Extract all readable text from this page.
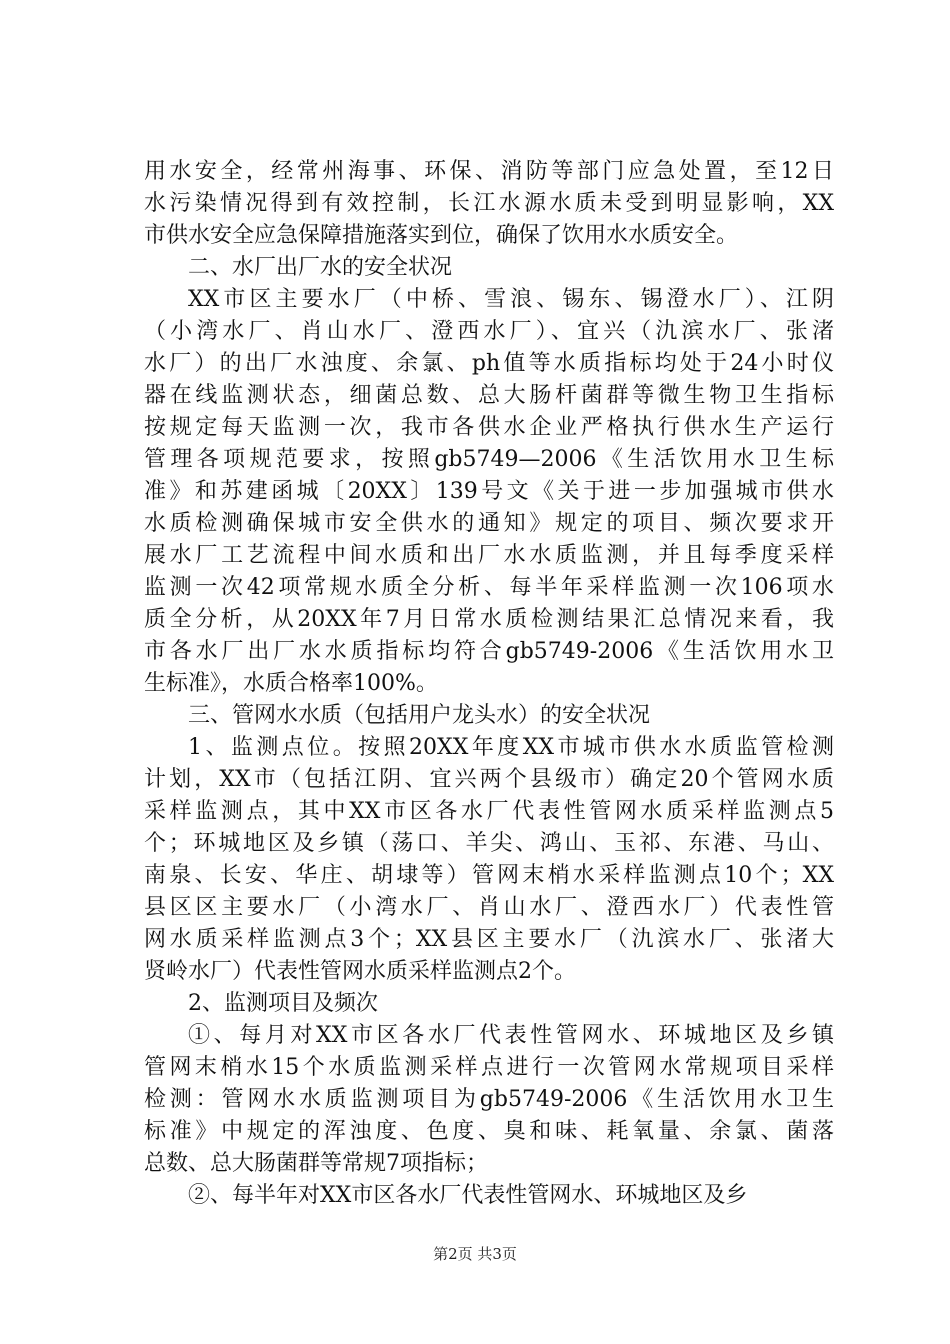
用水安全，经常州海事、环保、消防等部门应急处置，至12日
水污染情况得到有效控制，长江水源水质未受到明显影响，XX
市供水安全应急保障措施落实到位，确保了饮用水水质安全。
二、水厂出厂水的安全状况
XX市区主要水厂（中桥、雪浪、锡东、锡澄水厂）、江阴
（小湾水厂、肖山水厂、澄西水厂）、宜兴（氿滨水厂、张渚
水厂）的出厂水浊度、余氯、ph值等水质指标均处于24小时仪
器在线监测状态，细菌总数、总大肠杆菌群等微生物卫生指标
按规定每天监测一次，我市各供水企业严格执行供水生产运行
管理各项规范要求，按照gb5749—2006《生活饮用水卫生标
准》和苏建函城〔20XX〕139号文《关于进一步加强城市供水
水质检测确保城市安全供水的通知》规定的项目、频次要求开
展水厂工艺流程中间水质和出厂水水质监测，并且每季度采样
监测一次42项常规水质全分析、每半年采样监测一次106项水
质全分析，从20XX年7月日常水质检测结果汇总情况来看，我
市各水厂出厂水水质指标均符合gb5749-2006《生活饮用水卫
生标准》，水质合格率100%。
三、管网水水质（包括用户龙头水）的安全状况
1、监测点位。按照20XX年度XX市城市供水水质监管检测
计划，XX市（包括江阴、宜兴两个县级市）确定20个管网水质
采样监测点，其中XX市区各水厂代表性管网水质采样监测点5
个；环城地区及乡镇（荡口、羊尖、鸿山、玉祁、东港、马山、
南泉、长安、华庄、胡埭等）管网末梢水采样监测点10个；XX
县区区主要水厂（小湾水厂、肖山水厂、澄西水厂）代表性管
网水质采样监测点3个；XX县区主要水厂（氿滨水厂、张渚大
贤岭水厂）代表性管网水质采样监测点2个。
2、监测项目及频次
①、每月对XX市区各水厂代表性管网水、环城地区及乡镇
管网末梢水15个水质监测采样点进行一次管网水常规项目采样
检测：管网水水质监测项目为gb5749-2006《生活饮用水卫生
标准》中规定的浑浊度、色度、臭和味、耗氧量、余氯、菌落
总数、总大肠菌群等常规7项指标；
②、每半年对XX市区各水厂代表性管网水、环城地区及乡
第2页 共3页
